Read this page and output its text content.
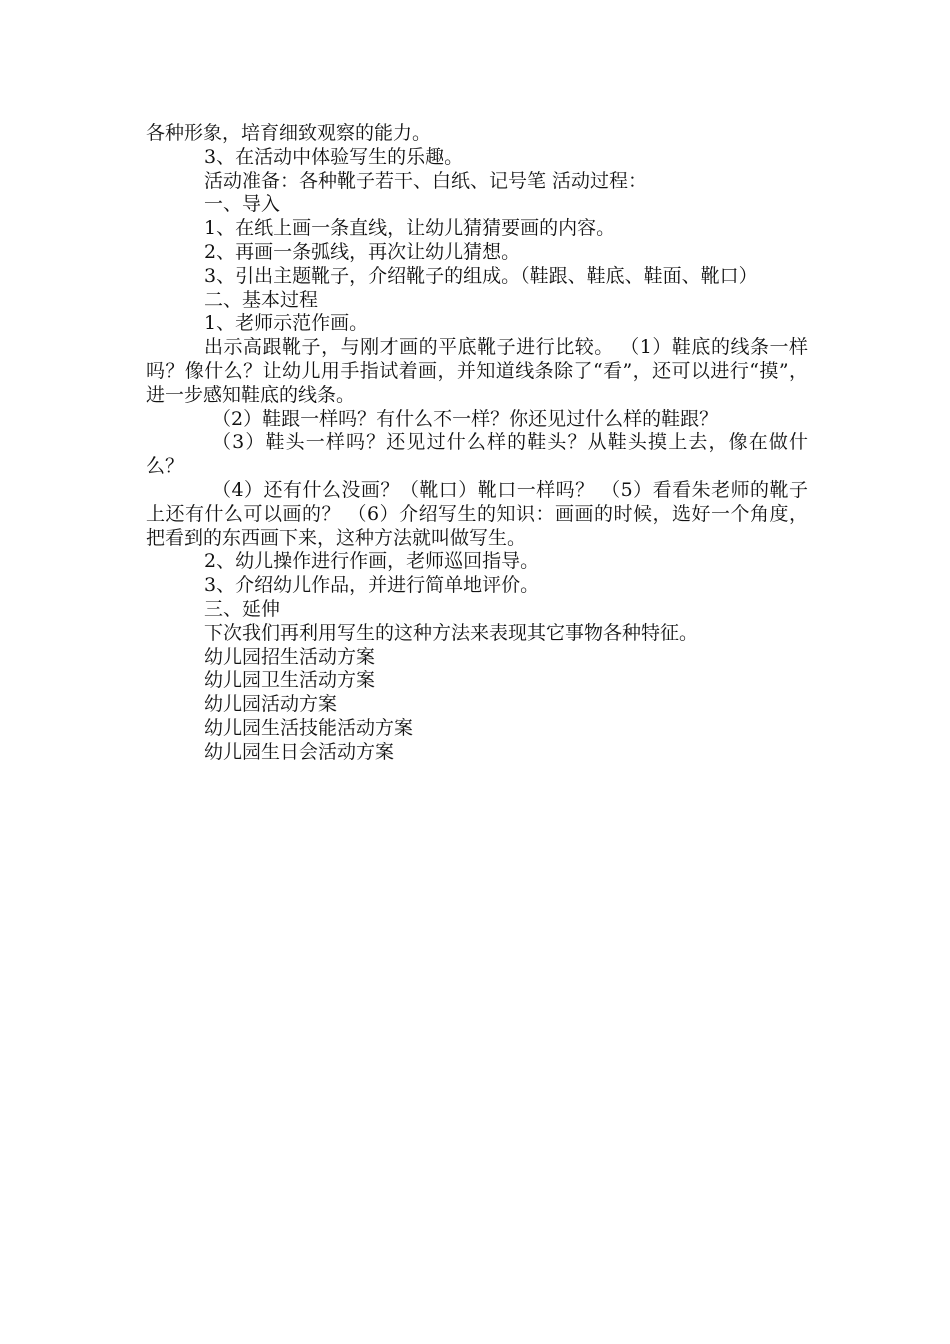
各种形象，培育细致观察的能力。

3、在活动中体验写生的乐趣。

活动准备：各种靴子若干、白纸、记号笔 活动过程：

一、导入

1、在纸上画一条直线，让幼儿猜猜要画的内容。

2、再画一条弧线，再次让幼儿猜想。

3、引出主题靴子，介绍靴子的组成。（鞋跟、鞋底、鞋面、靴口）

二、基本过程

1、老师示范作画。

出示高跟靴子，与刚才画的平底靴子进行比较。 （1）鞋底的线条一样吗？像什么？让幼儿用手指试着画，并知道线条除了“看”，还可以进行“摸”，进一步感知鞋底的线条。

（2）鞋跟一样吗？有什么不一样？你还见过什么样的鞋跟？

（3）鞋头一样吗？还见过什么样的鞋头？从鞋头摸上去，像在做什么？

（4）还有什么没画？（靴口）靴口一样吗？ （5）看看朱老师的靴子上还有什么可以画的？ （6）介绍写生的知识：画画的时候，选好一个角度，把看到的东西画下来，这种方法就叫做写生。

2、幼儿操作进行作画，老师巡回指导。

3、介绍幼儿作品，并进行简单地评价。

三、延伸

下次我们再利用写生的这种方法来表现其它事物各种特征。

幼儿园招生活动方案

幼儿园卫生活动方案

幼儿园活动方案

幼儿园生活技能活动方案

幼儿园生日会活动方案
